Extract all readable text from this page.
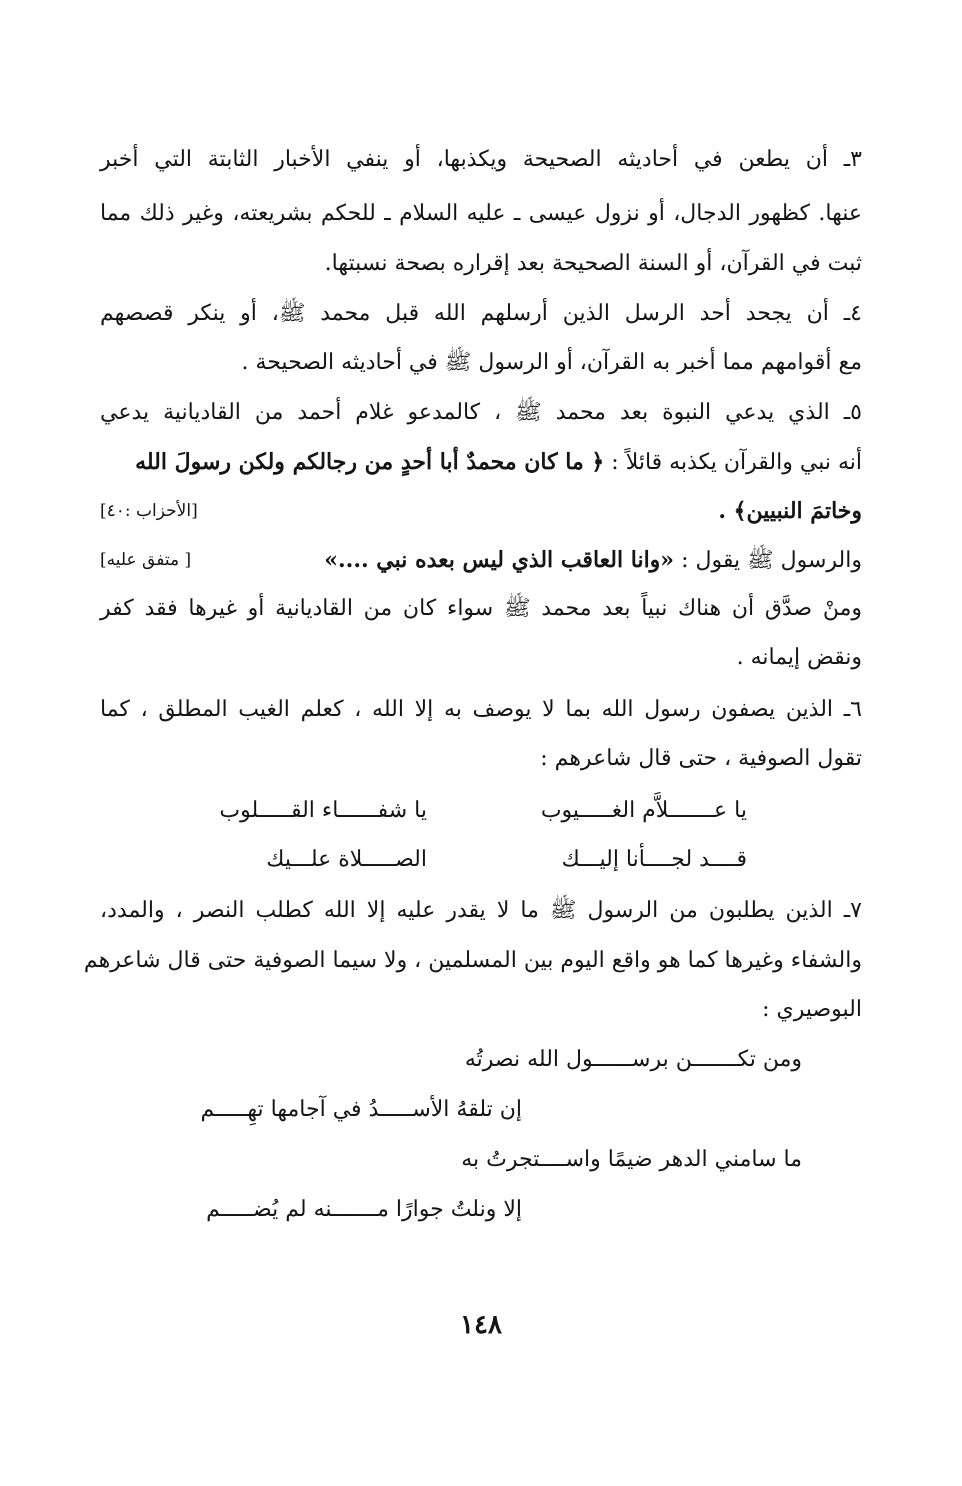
٣ـ أن يطعن في أحاديثه الصحيحة ويكذبها، أو ينفي الأخبار الثابتة التي أخبر
عنها. كظهور الدجال، أو نزول عيسى ـ عليه السلام ـ للحكم بشريعته، وغير ذلك مما
ثبت في القرآن، أو السنة الصحيحة بعد إقراره بصحة نسبتها.
٤ـ أن يجحد أحد الرسل الذين أرسلهم الله قبل محمد ﷺ، أو ينكر قصصهم
مع أقوامهم مما أخبر به القرآن، أو الرسول ﷺ في أحاديثه الصحيحة .
٥ـ الذي يدعي النبوة بعد محمد ﷺ ، كالمدعو غلام أحمد من القاديانية يدعي
أنه نبي والقرآن يكذبه قائلاً : ﴿ ما كان محمدٌ أبا أحدٍ من رجالكم ولكن رسولَ الله
وخاتمَ النبيين﴾ .
[الأحزاب :٤٠]
والرسول ﷺ يقول : «وانا العاقب الذي ليس بعده نبي ....»
[ متفق عليه]
ومنْ صدَّق أن هناك نبياً بعد محمد ﷺ سواء كان من القاديانية أو غيرها فقد كفر
ونقض إيمانه .
٦ـ الذين يصفون رسول الله بما لا يوصف به إلا الله ، كعلم الغيب المطلق ، كما
تقول الصوفية ، حتى قال شاعرهم :
يا عـــــــلاَّم الغـــــيوب
يا شفــــــاء القـــــلوب
قــــد لجــــأنا إليـــك
الصـــــلاة علـــيك
٧ـ الذين يطلبون من الرسول ﷺ ما لا يقدر عليه إلا الله كطلب النصر ، والمدد،
والشفاء وغيرها كما هو واقع اليوم بين المسلمين ، ولا سيما الصوفية حتى قال شاعرهم
البوصيري :
ومن تكـــــــن برســــــول الله نصرتُه
إن تلقهُ الأســـــدُ في آجامها تهِـــــم
ما سامني الدهر ضيمًا واســــتجرتُ به
إلا ونلتُ جوارًا مـــــــنه لم يُضـــــم
١٤٨
